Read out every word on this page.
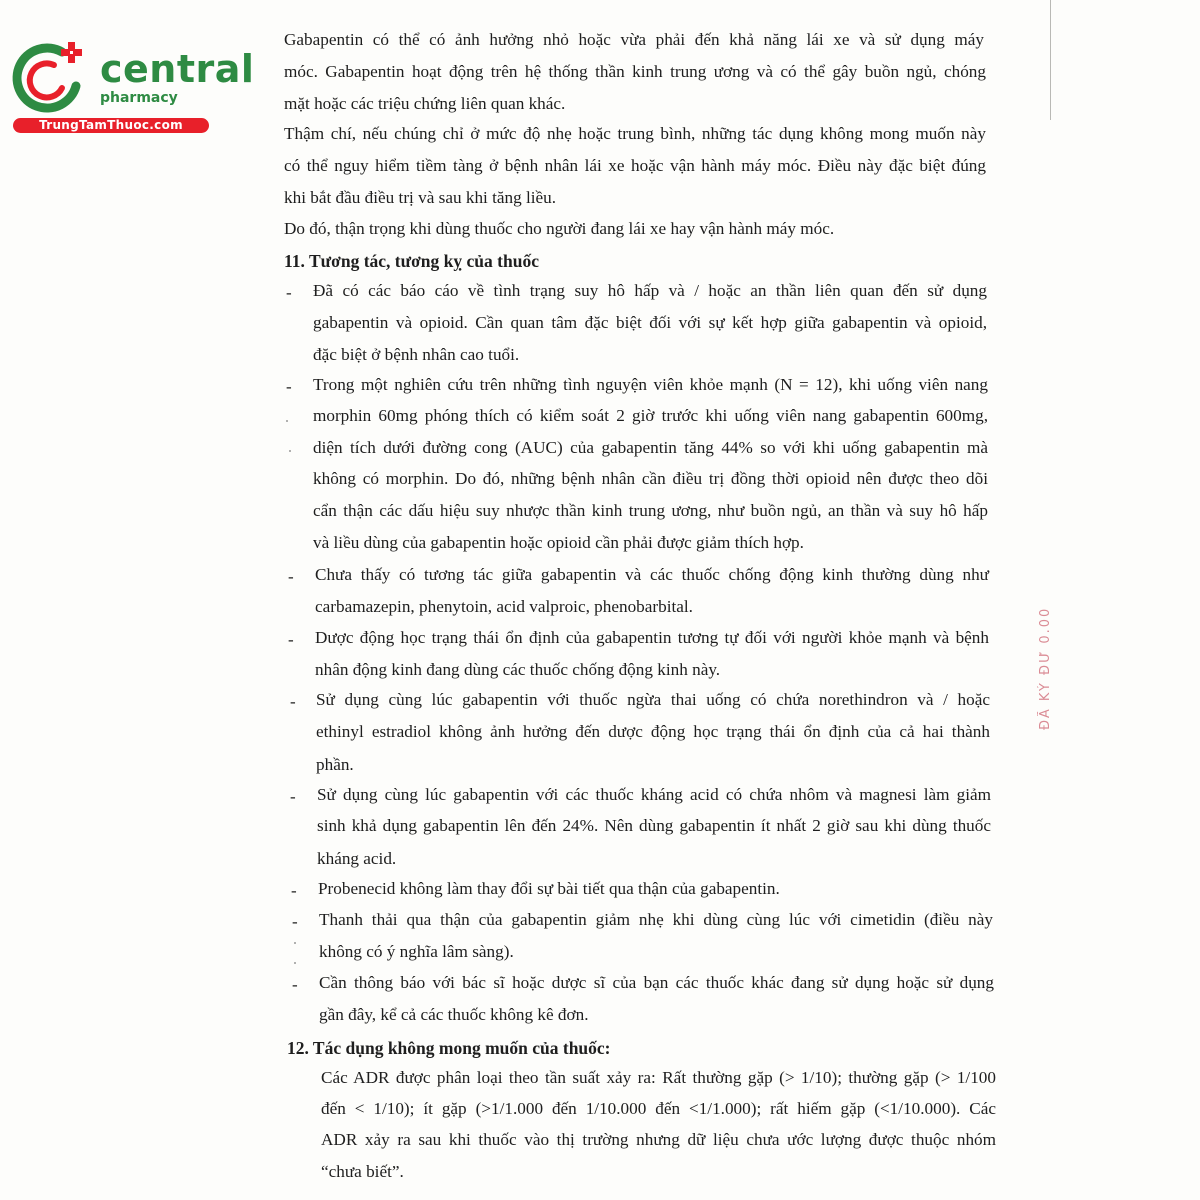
central
pharmacy
TrungTamThuoc.com
Gabapentin có thể có ảnh hưởng nhỏ hoặc vừa phải đến khả năng lái xe và sử dụng máy
móc. Gabapentin hoạt động trên hệ thống thần kinh trung ương và có thể gây buồn ngủ, chóng
mặt hoặc các triệu chứng liên quan khác.
Thậm chí, nếu chúng chỉ ở mức độ nhẹ hoặc trung bình, những tác dụng không mong muốn này
có thể nguy hiểm tiềm tàng ở bệnh nhân lái xe hoặc vận hành máy móc. Điều này đặc biệt đúng
khi bắt đầu điều trị và sau khi tăng liều.
Do đó, thận trọng khi dùng thuốc cho người đang lái xe hay vận hành máy móc.
11. Tương tác, tương kỵ của thuốc
- Đã có các báo cáo về tình trạng suy hô hấp và / hoặc an thần liên quan đến sử dụng
gabapentin và opioid. Cần quan tâm đặc biệt đối với sự kết hợp giữa gabapentin và opioid,
đặc biệt ở bệnh nhân cao tuổi.
- Trong một nghiên cứu trên những tình nguyện viên khỏe mạnh (N = 12), khi uống viên nang
morphin 60mg phóng thích có kiểm soát 2 giờ trước khi uống viên nang gabapentin 600mg,
diện tích dưới đường cong (AUC) của gabapentin tăng 44% so với khi uống gabapentin mà
không có morphin. Do đó, những bệnh nhân cần điều trị đồng thời opioid nên được theo dõi
cẩn thận các dấu hiệu suy nhược thần kinh trung ương, như buồn ngủ, an thần và suy hô hấp
và liều dùng của gabapentin hoặc opioid cần phải được giảm thích hợp.
- Chưa thấy có tương tác giữa gabapentin và các thuốc chống động kinh thường dùng như
carbamazepin, phenytoin, acid valproic, phenobarbital.
- Dược động học trạng thái ổn định của gabapentin tương tự đối với người khỏe mạnh và bệnh
nhân động kinh đang dùng các thuốc chống động kinh này.
- Sử dụng cùng lúc gabapentin với thuốc ngừa thai uống có chứa norethindron và / hoặc
ethinyl estradiol không ảnh hưởng đến dược động học trạng thái ổn định của cả hai thành
phần.
- Sử dụng cùng lúc gabapentin với các thuốc kháng acid có chứa nhôm và magnesi làm giảm
sinh khả dụng gabapentin lên đến 24%. Nên dùng gabapentin ít nhất 2 giờ sau khi dùng thuốc
kháng acid.
- Probenecid không làm thay đổi sự bài tiết qua thận của gabapentin.
- Thanh thải qua thận của gabapentin giảm nhẹ khi dùng cùng lúc với cimetidin (điều này
không có ý nghĩa lâm sàng).
- Cần thông báo với bác sĩ hoặc dược sĩ của bạn các thuốc khác đang sử dụng hoặc sử dụng
gần đây, kể cả các thuốc không kê đơn.
12. Tác dụng không mong muốn của thuốc:
Các ADR được phân loại theo tần suất xảy ra: Rất thường gặp (> 1/10); thường gặp (> 1/100
đến < 1/10); ít gặp (>1/1.000 đến 1/10.000 đến <1/1.000); rất hiếm gặp (<1/10.000). Các
ADR xảy ra sau khi thuốc vào thị trường nhưng dữ liệu chưa ước lượng được thuộc nhóm
“chưa biết”.
ĐÃ KÝ ĐƯ 0.00
